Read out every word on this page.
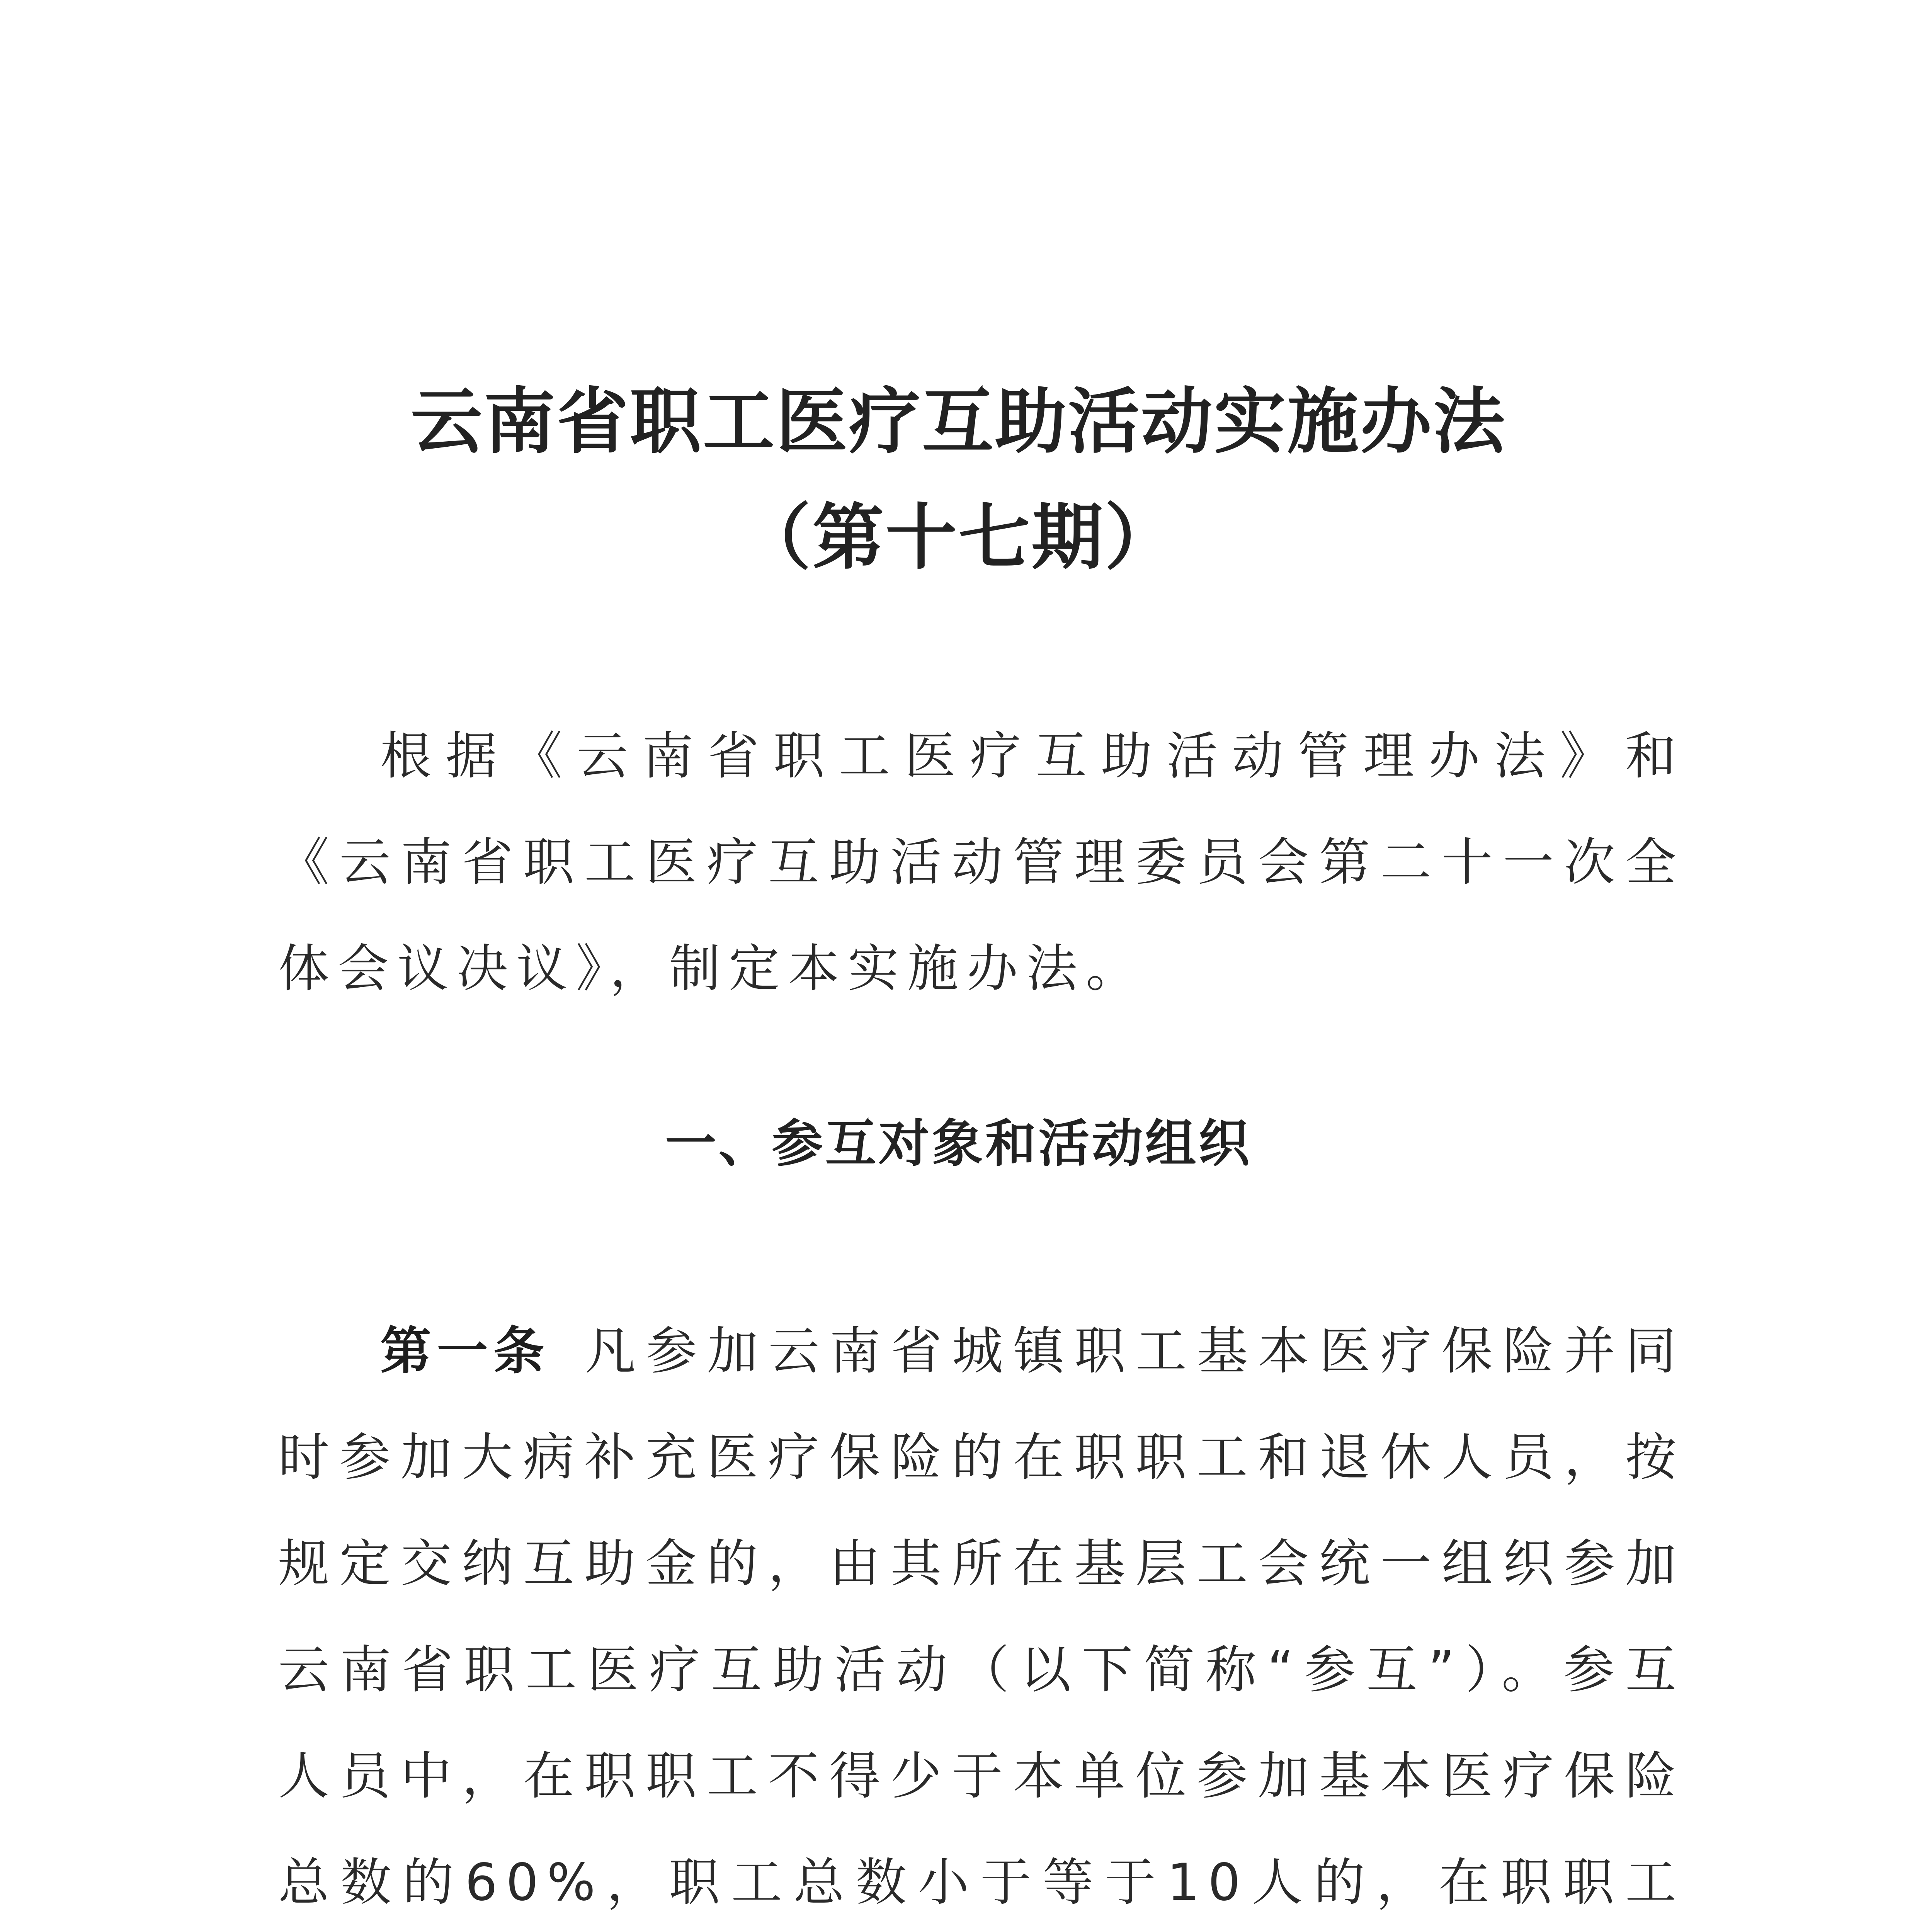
云南省职工医疗互助活动实施办法
（第十七期）

根据《云南省职工医疗互助活动管理办法》和《云南省职工医疗互助活动管理委员会第二十一次全体会议决议》，制定本实施办法。

一、参互对象和活动组织

第一条 凡参加云南省城镇职工基本医疗保险并同时参加大病补充医疗保险的在职职工和退休人员，按规定交纳互助金的，由其所在基层工会统一组织参加云南省职工医疗互助活动（以下简称“参互”）。参互人员中，在职职工不得少于本单位参加基本医疗保险总数的60%，职工总数小于等于10人的，在职职工
